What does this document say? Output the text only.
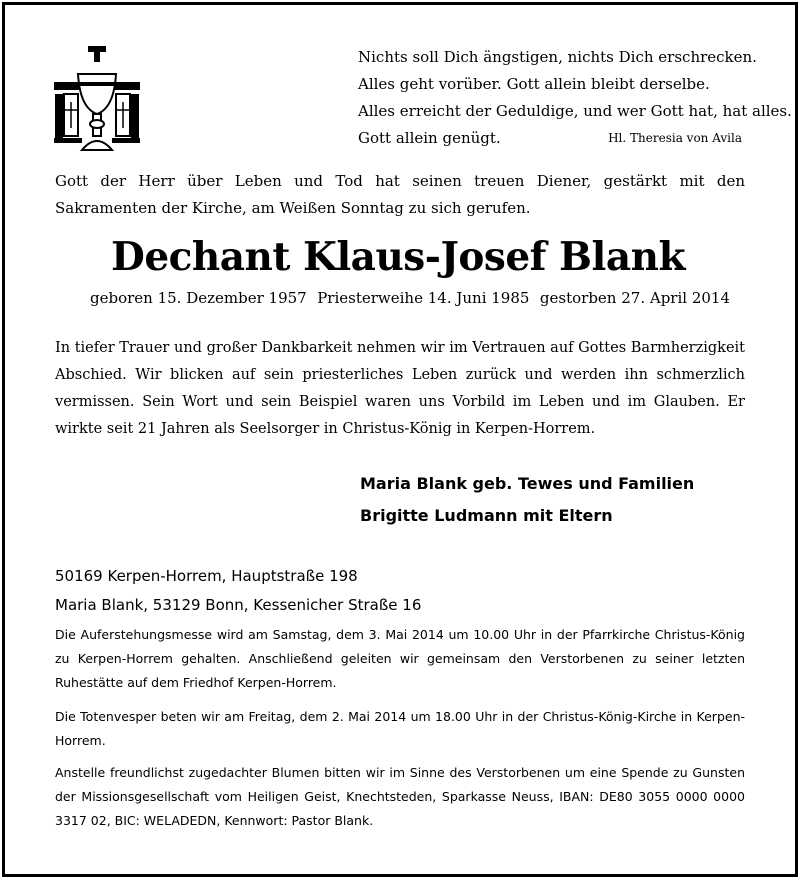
Nichts soll Dich ängstigen, nichts Dich erschrecken.
Alles geht vorüber. Gott allein bleibt derselbe.
Alles erreicht der Geduldige, und wer Gott hat, hat alles.
Gott allein genügt.	Hl. Theresia von Avila

Gott der Herr über Leben und Tod hat seinen treuen Diener, gestärkt mit den Sakramenten der Kirche, am Weißen Sonntag zu sich gerufen.

Dechant Klaus-Josef Blank
geboren 15. Dezember 1957 Priesterweihe 14. Juni 1985 gestorben 27. April 2014

In tiefer Trauer und großer Dankbarkeit nehmen wir im Vertrauen auf Gottes Barmherzigkeit Abschied. Wir blicken auf sein priesterliches Leben zurück und werden ihn schmerzlich vermissen. Sein Wort und sein Beispiel waren uns Vorbild im Leben und im Glauben. Er wirkte seit 21 Jahren als Seelsorger in Christus-König in Kerpen-Horrem.

Maria Blank geb. Tewes und Familien
Brigitte Ludmann mit Eltern
50169 Kerpen-Horrem, Hauptstraße 198
Maria Blank, 53129 Bonn, Kessenicher Straße 16

Die Auferstehungsmesse wird am Samstag, dem 3. Mai 2014 um 10.00 Uhr in der Pfarrkirche Christus-König zu Kerpen-Horrem gehalten. Anschließend geleiten wir gemeinsam den Verstorbenen zu seiner letzten Ruhestätte auf dem Friedhof Kerpen-Horrem.

Die Totenvesper beten wir am Freitag, dem 2. Mai 2014 um 18.00 Uhr in der Christus-König-Kirche in Kerpen-Horrem.

Anstelle freundlichst zugedachter Blumen bitten wir im Sinne des Verstorbenen um eine Spende zu Gunsten der Missionsgesellschaft vom Heiligen Geist, Knechtsteden, Sparkasse Neuss, IBAN: DE80 3055 0000 0000 3317 02, BIC: WELADEDN, Kennwort: Pastor Blank.
